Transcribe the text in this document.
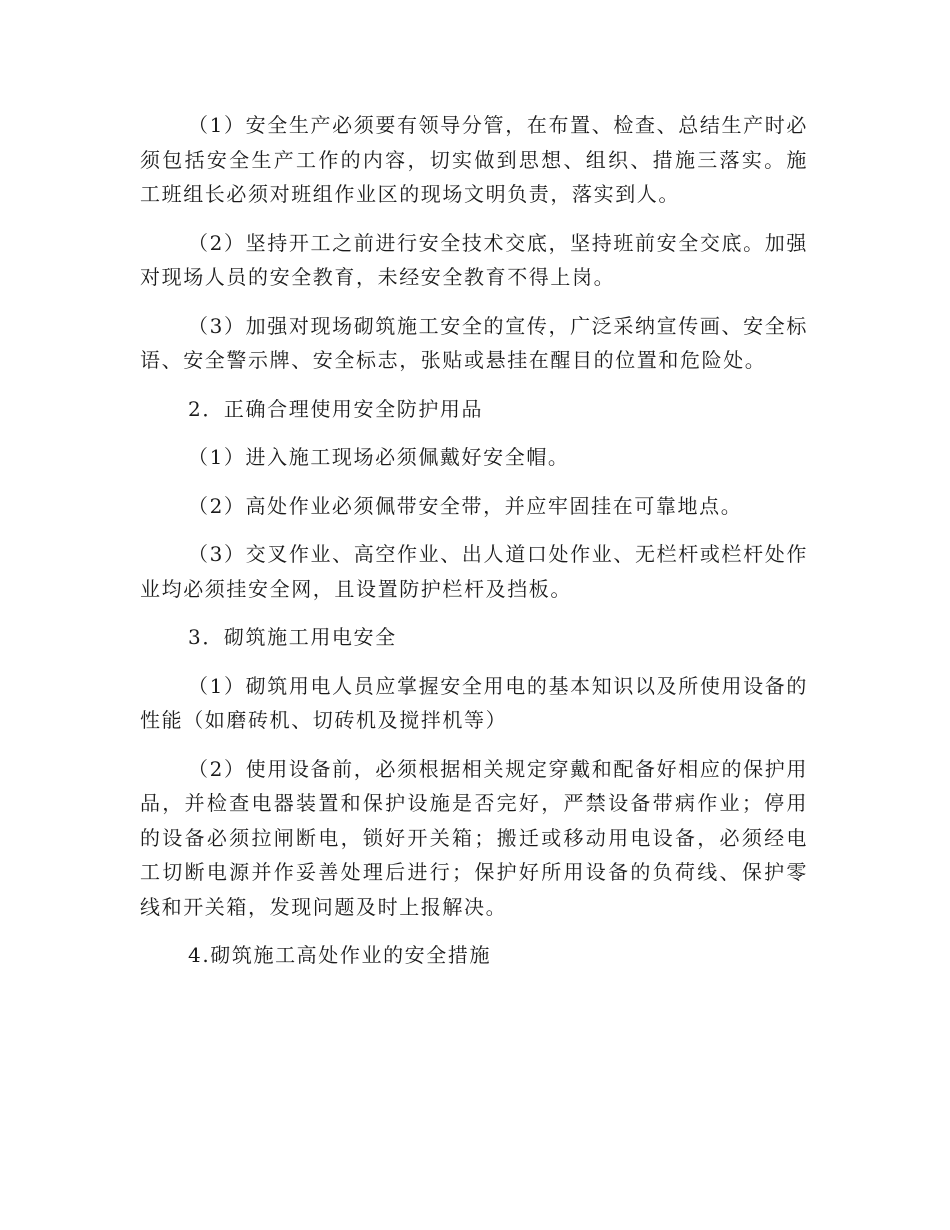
（1）安全生产必须要有领导分管，在布置、检查、总结生产时必须包括安全生产工作的内容，切实做到思想、组织、措施三落实。施工班组长必须对班组作业区的现场文明负责，落实到人。

（2）坚持开工之前进行安全技术交底，坚持班前安全交底。加强对现场人员的安全教育，未经安全教育不得上岗。

（3）加强对现场砌筑施工安全的宣传，广泛采纳宣传画、安全标语、安全警示牌、安全标志，张贴或悬挂在醒目的位置和危险处。

2．正确合理使用安全防护用品

（1）进入施工现场必须佩戴好安全帽。

（2）高处作业必须佩带安全带，并应牢固挂在可靠地点。

（3）交叉作业、高空作业、出人道口处作业、无栏杆或栏杆处作业均必须挂安全网，且设置防护栏杆及挡板。

3．砌筑施工用电安全

（1）砌筑用电人员应掌握安全用电的基本知识以及所使用设备的性能（如磨砖机、切砖机及搅拌机等）

（2）使用设备前，必须根据相关规定穿戴和配备好相应的保护用品，并检查电器装置和保护设施是否完好，严禁设备带病作业；停用的设备必须拉闸断电，锁好开关箱；搬迁或移动用电设备，必须经电工切断电源并作妥善处理后进行；保护好所用设备的负荷线、保护零线和开关箱，发现问题及时上报解决。

4.砌筑施工高处作业的安全措施
